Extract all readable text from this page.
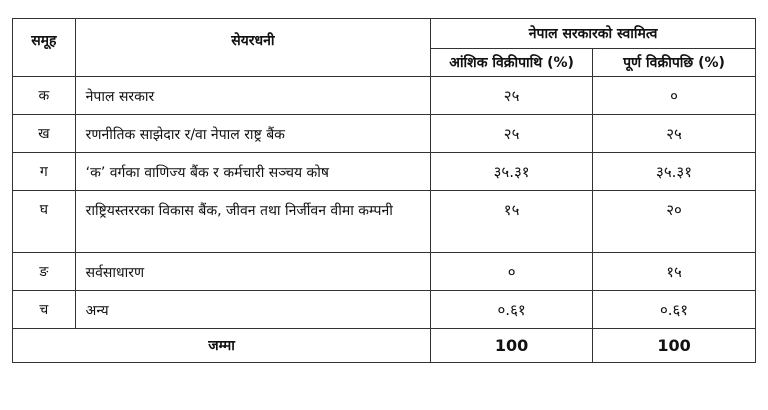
समूह	सेयरधनी	नेपाल सरकारको स्वामित्व	
		आंशिक विक्रीपाथि (%)	पूर्ण विक्रीपछि (%)
क	नेपाल सरकार	२५	०
ख	रणनीतिक साझेदार र/वा नेपाल राष्ट्र बैंक	२५	२५
ग	‘क’ वर्गका वाणिज्य बैंक र कर्मचारी सञ्चय कोष	३५.३१	३५.३१
घ	राष्ट्रियस्तररका विकास बैंक, जीवन तथा निर्जीवन वीमा कम्पनी	१५	२०
ङ	सर्वसाधारण	०	१५
च	अन्य	०.६१	०.६१
जम्मा		100	100
